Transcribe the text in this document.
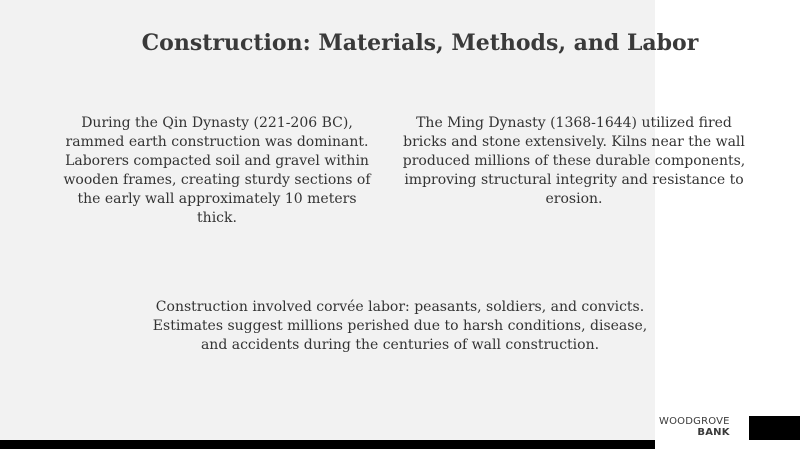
Construction: Materials, Methods, and Labor
During the Qin Dynasty (221-206 BC), rammed earth construction was dominant. Laborers compacted soil and gravel within wooden frames, creating sturdy sections of the early wall approximately 10 meters thick.
The Ming Dynasty (1368-1644) utilized fired bricks and stone extensively. Kilns near the wall produced millions of these durable components, improving structural integrity and resistance to erosion.
Construction involved corvée labor: peasants, soldiers, and convicts. Estimates suggest millions perished due to harsh conditions, disease, and accidents during the centuries of wall construction.
WOODGROVE
BANK
